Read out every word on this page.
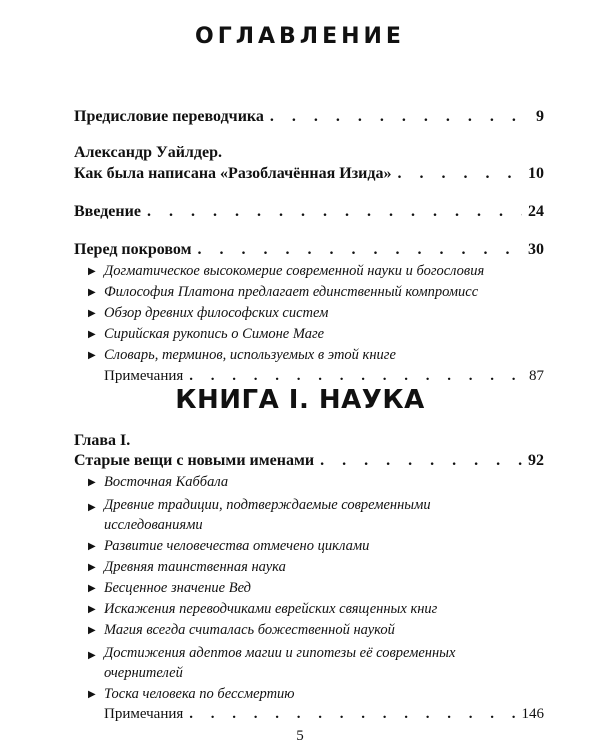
ОГЛАВЛЕНИЕ
Предисловие переводчика . . .	9
Александр Уайлдер.
Как была написана «Разоблачённая Изида» . . .	10
Введение . . .	24
Перед покровом . . .	30
▶ Догматическое высокомерие современной науки и богословия
▶ Философия Платона предлагает единственный компромисс
▶ Обзор древних философских систем
▶ Сирийская рукопись о Симоне Маге
▶ Словарь, терминов, используемых в этой книге
Примечания . . .	87
КНИГА I. НАУКА
Глава I.
Старые вещи с новыми именами . . .	92
▶ Восточная Каббала
▶ Древние традиции, подтверждаемые современными исследованиями
▶ Развитие человечества отмечено циклами
▶ Древняя таинственная наука
▶ Бесценное значение Вед
▶ Искажения переводчиками еврейских священных книг
▶ Магия всегда считалась божественной наукой
▶ Достижения адептов магии и гипотезы её современных очернителей
▶ Тоска человека по бессмертию
Примечания . . .	146
5
